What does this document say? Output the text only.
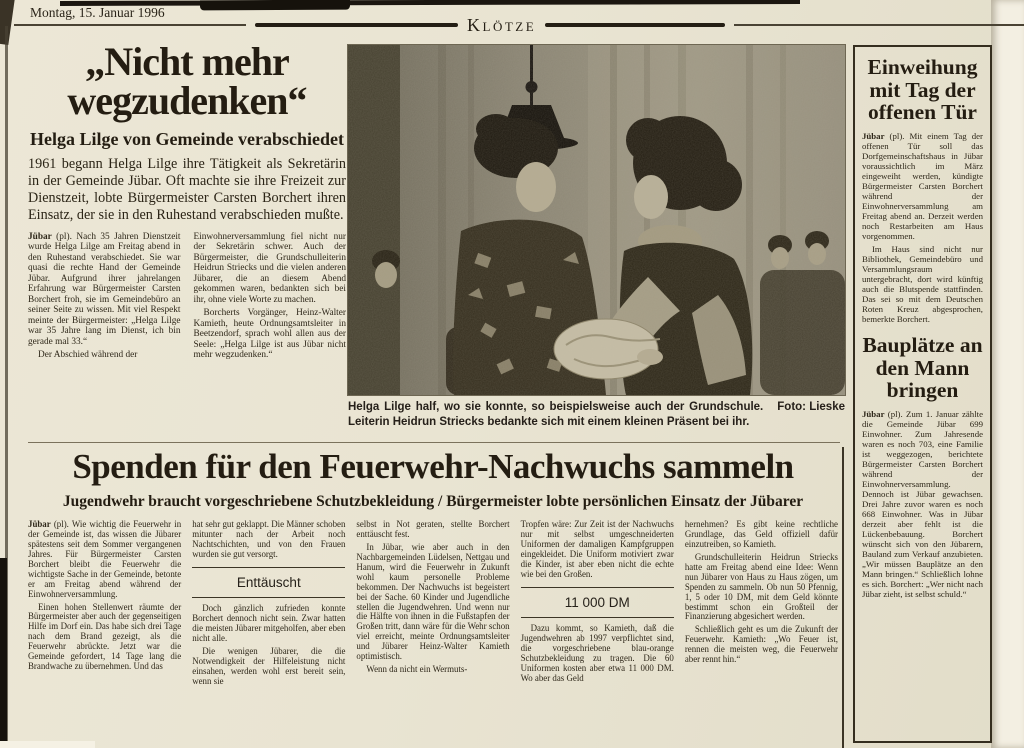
Montag, 15. Januar 1996
Klötze
„Nicht mehr wegzudenken“
Helga Lilge von Gemeinde verabschiedet
1961 begann Helga Lilge ihre Tätigkeit als Sekretärin in der Gemeinde Jübar. Oft machte sie ihre Freizeit zur Dienstzeit, lobte Bürgermeister Carsten Borchert ihren Einsatz, der sie in den Ruhestand verabschieden mußte.

Jübar (pl). Nach 35 Jahren Dienstzeit wurde Helga Lilge am Freitag abend in den Ruhestand verabschiedet. Sie war quasi die rechte Hand der Gemeinde Jübar. Aufgrund ihrer jahrelangen Erfahrung war Bürgermeister Carsten Borchert froh, sie im Gemeindebüro an seiner Seite zu wissen. Mit viel Respekt meinte der Bürgermeister: „Helga Lilge war 35 Jahre lang im Dienst, ich bin gerade mal 33.“

Der Abschied während der

Einwohnerversammlung fiel nicht nur der Sekretärin schwer. Auch der Bürgermeister, die Grundschulleiterin Heidrun Striecks und die vielen anderen Jübarer, die an diesem Abend gekommen waren, bedankten sich bei ihr, ohne viele Worte zu machen.

Borcherts Vorgänger, Heinz-Walter Kamieth, heute Ordnungsamtsleiter in Beetzendorf, sprach wohl allen aus der Seele: „Helga Lilge ist aus Jübar nicht mehr wegzudenken.“

Foto: Lieske
Helga Lilge half, wo sie konnte, so beispielsweise auch der Grundschule. Leiterin Heidrun Striecks bedankte sich mit einem kleinen Präsent bei ihr.
Spenden für den Feuerwehr-Nachwuchs sammeln
Jugendwehr braucht vorgeschriebene Schutzbekleidung / Bürgermeister lobte persönlichen Einsatz der Jübarer

Jübar (pl). Wie wichtig die Feuerwehr in der Gemeinde ist, das wissen die Jübarer spätestens seit dem Sommer vergangenen Jahres. Für Bürgermeister Carsten Borchert bleibt die Feuerwehr die wichtigste Sache in der Gemeinde, betonte er am Freitag abend während der Einwohnerversammlung.

Einen hohen Stellenwert räumte der Bürgermeister aber auch der gegenseitigen Hilfe im Dorf ein. Das habe sich drei Tage nach dem Brand gezeigt, als die Feuerwehr abrückte. Jetzt war die Gemeinde gefordert, 14 Tage lang die Brandwache zu übernehmen. Und das

hat sehr gut geklappt. Die Männer schoben mitunter nach der Arbeit noch Nachtschichten, und von den Frauen wurden sie gut versorgt.

Enttäuscht

Doch gänzlich zufrieden konnte Borchert dennoch nicht sein. Zwar hatten die meisten Jübarer mitgeholfen, aber eben nicht alle.

Die wenigen Jübarer, die die Notwendigkeit der Hilfeleistung nicht einsahen, werden wohl erst bereit sein, wenn sie

selbst in Not geraten, stellte Borchert enttäuscht fest.

In Jübar, wie aber auch in den Nachbargemeinden Lüdelsen, Nettgau und Hanum, wird die Feuerwehr in Zukunft wohl kaum personelle Probleme bekommen. Der Nachwuchs ist begeistert bei der Sache. 60 Kinder und Jugendliche stellen die Jugendwehren. Und wenn nur die Hälfte von ihnen in die Fußstapfen der Großen tritt, dann wäre für die Wehr schon viel erreicht, meinte Ordnungsamtsleiter und Jübarer Heinz-Walter Kamieth optimistisch.

Wenn da nicht ein Wermuts-

Tropfen wäre: Zur Zeit ist der Nachwuchs nur mit selbst umgeschneiderten Uniformen der damaligen Kampfgruppen eingekleidet. Die Uniform motiviert zwar die Kinder, ist aber eben nicht die echte wie bei den Großen.

11 000 DM

Dazu kommt, so Kamieth, daß die Jugendwehren ab 1997 verpflichtet sind, die vorgeschriebene blau-orange Schutzbekleidung zu tragen. Die 60 Uniformen kosten aber etwa 11 000 DM. Wo aber das Geld

hernehmen? Es gibt keine rechtliche Grundlage, das Geld offiziell dafür einzutreiben, so Kamieth.

Grundschulleiterin Heidrun Striecks hatte am Freitag abend eine Idee: Wenn nun Jübarer von Haus zu Haus zögen, um Spenden zu sammeln. Ob nun 50 Pfennig, 1, 5 oder 10 DM, mit dem Geld könnte bestimmt schon ein Großteil der Finanzierung abgesichert werden.

Schließlich geht es um die Zukunft der Feuerwehr. Kamieth: „Wo Feuer ist, rennen die meisten weg, die Feuerwehr aber rennt hin.“

Einweihung mit Tag der offenen Tür

Jübar (pl). Mit einem Tag der offenen Tür soll das Dorfgemeinschaftshaus in Jübar voraussichtlich im März eingeweiht werden, kündigte Bürgermeister Carsten Borchert während der Einwohnerversammlung am Freitag abend an. Derzeit werden noch Restarbeiten am Haus vorgenommen.

Im Haus sind nicht nur Bibliothek, Gemeindebüro und Versammlungsraum untergebracht, dort wird künftig auch die Blutspende stattfinden. Das sei so mit dem Deutschen Roten Kreuz abgesprochen, bemerkte Borchert.

Bauplätze an den Mann bringen

Jübar (pl). Zum 1. Januar zählte die Gemeinde Jübar 699 Einwohner. Zum Jahresende waren es noch 703, eine Familie ist weggezogen, berichtete Bürgermeister Carsten Borchert während der Einwohnerversammlung. Dennoch ist Jübar gewachsen. Drei Jahre zuvor waren es noch 668 Einwohner. Was in Jübar derzeit aber fehlt ist die Lückenbebauung. Borchert wünscht sich von den Jübarern, Bauland zum Verkauf anzubieten. „Wir müssen Bauplätze an den Mann bringen.“ Schließlich lohne es sich. Borchert: „Wer nicht nach Jübar zieht, ist selbst schuld.“
